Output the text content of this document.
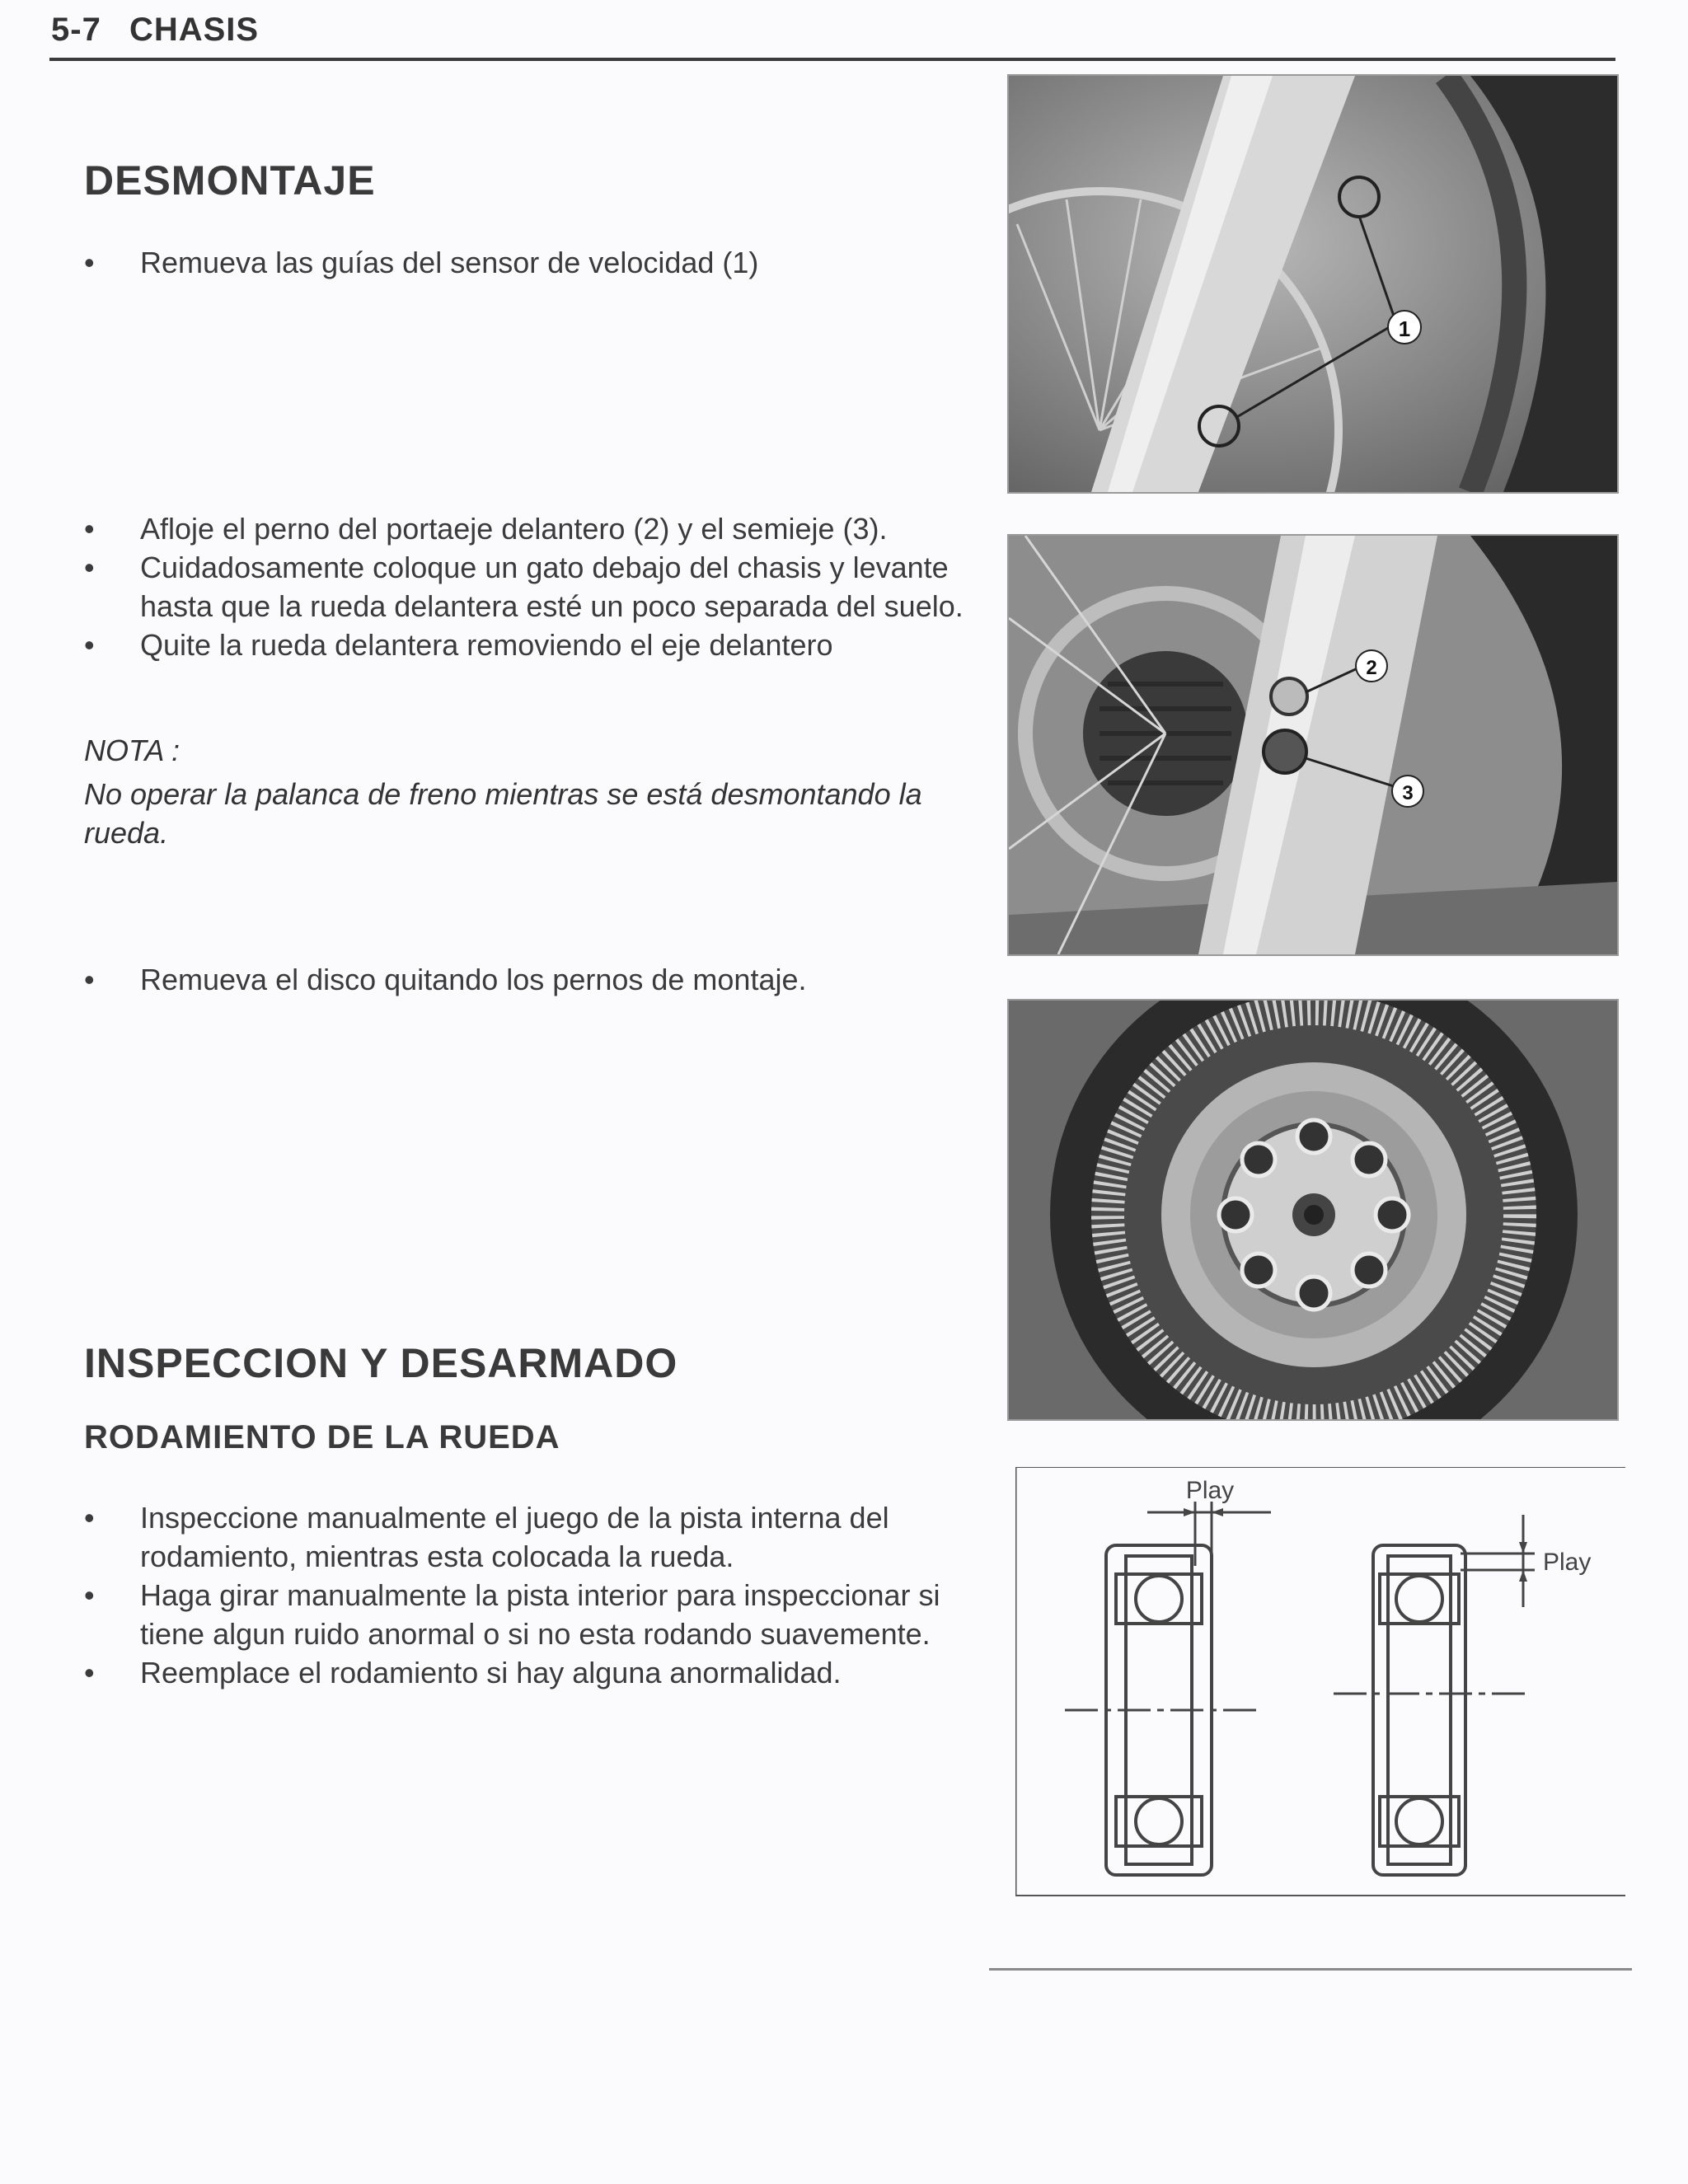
5-7 CHASIS
DESMONTAJE
• Remueva las guías del sensor de velocidad (1)
• Afloje el perno del portaeje delantero (2) y el semieje (3).
• Cuidadosamente coloque un gato debajo del chasis y levante hasta que la rueda delantera esté un poco separada del suelo.
• Quite la rueda delantera removiendo el eje delantero
NOTA :
No operar la palanca de freno mientras se está desmontando la rueda.
• Remueva el disco quitando los pernos de montaje.
INSPECCION Y DESARMADO
RODAMIENTO DE LA RUEDA
• Inspeccione manualmente el juego de la pista interna del rodamiento, mientras esta colocada la rueda.
• Haga girar manualmente la pista interior para inspeccionar si tiene algun ruido anormal o si no esta rodando suavemente.
• Reemplace el rodamiento si hay alguna anormalidad.
1
2
3
Play
Play
